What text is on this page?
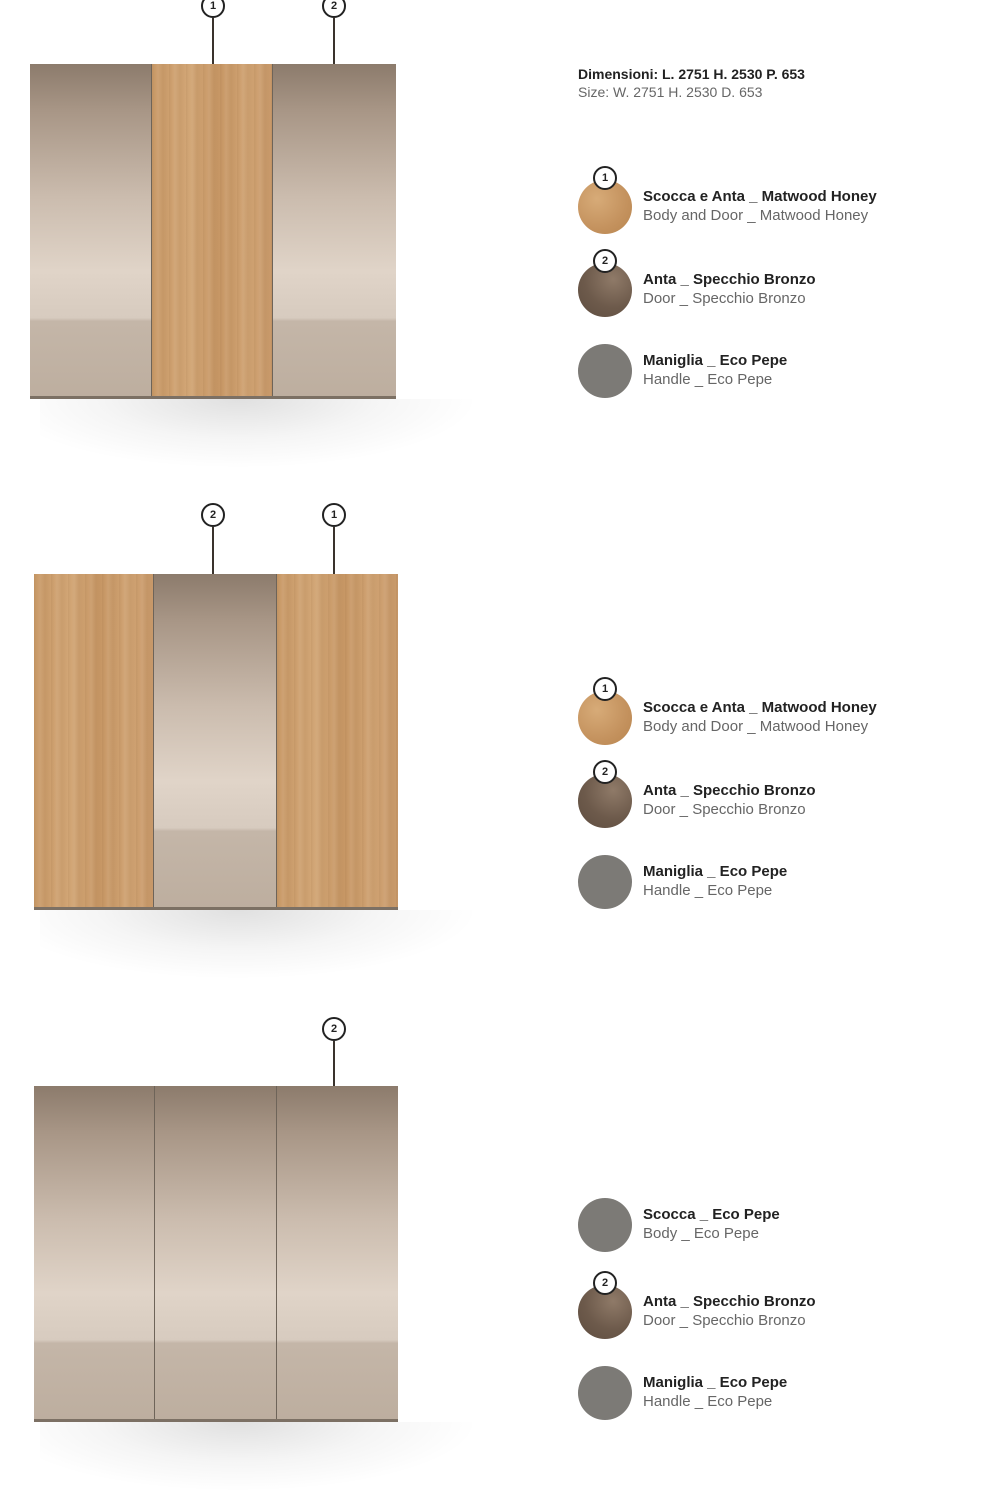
1	2
Dimensioni: L. 2751 H. 2530 P. 653
Size: W. 2751 H. 2530 D. 653
1
Scocca e Anta _ Matwood Honey
Body and Door _ Matwood Honey
2
Anta _ Specchio Bronzo
Door _ Specchio Bronzo
Maniglia _ Eco Pepe
Handle _ Eco Pepe
2	1
1
Scocca e Anta _ Matwood Honey
Body and Door _ Matwood Honey
2
Anta _ Specchio Bronzo
Door _ Specchio Bronzo
Maniglia _ Eco Pepe
Handle _ Eco Pepe
2
Scocca _ Eco Pepe
Body _ Eco Pepe
2
Anta _ Specchio Bronzo
Door _ Specchio Bronzo
Maniglia _ Eco Pepe
Handle _ Eco Pepe
